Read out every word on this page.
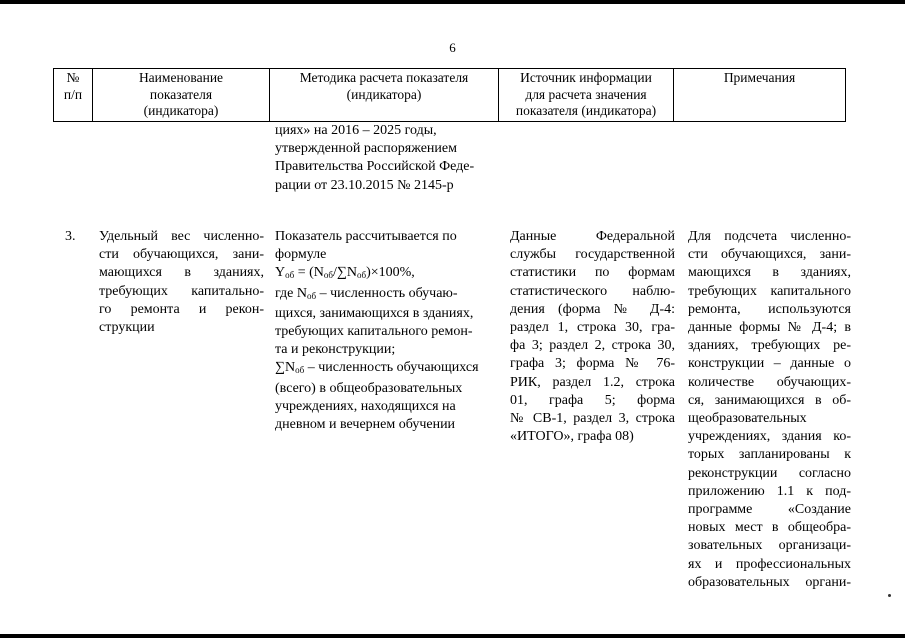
6
№
п/п
Наименование
показателя
(индикатора)
Методика расчета показателя
(индикатора)
Источник информации
для расчета значения
показателя (индикатора)
Примечания
циях» на 2016 – 2025 годы,
утвержденной распоряжением
Правительства Российской Феде-
рации от 23.10.2015 № 2145-р
3.	Удельный вес численно-
сти обучающихся, зани-
мающихся в зданиях,
требующих капитально-
го ремонта и рекон-
струкции
Показатель рассчитывается по
формуле
$Y_{об} = (N_{об}/\sum N_{об})\times 100\%$,
где $N_{об}$ – численность обучаю-
щихся, занимающихся в зданиях,
требующих капитального ремон-
та и реконструкции;
$\sum N_{об}$ – численность обучающихся
(всего) в общеобразовательных
учреждениях, находящихся на
дневном и вечернем обучении
Данные Федеральной
службы государственной
статистики по формам
статистического наблю-
дения (форма № Д-4:
раздел 1, строка 30, гра-
фа 3; раздел 2, строка 30,
графа 3; форма № 76-
РИК, раздел 1.2, строка
01, графа 5; форма
№ СВ-1, раздел 3, строка
«ИТОГО», графа 08)
Для подсчета численно-
сти обучающихся, зани-
мающихся в зданиях,
требующих капитального
ремонта, используются
данные формы № Д-4; в
зданиях, требующих ре-
конструкции – данные о
количестве обучающих-
ся, занимающихся в об-
щеобразовательных
учреждениях, здания ко-
торых запланированы к
реконструкции согласно
приложению 1.1 к под-
программе «Создание
новых мест в общеобра-
зовательных организаци-
ях и профессиональных
образовательных органи-
